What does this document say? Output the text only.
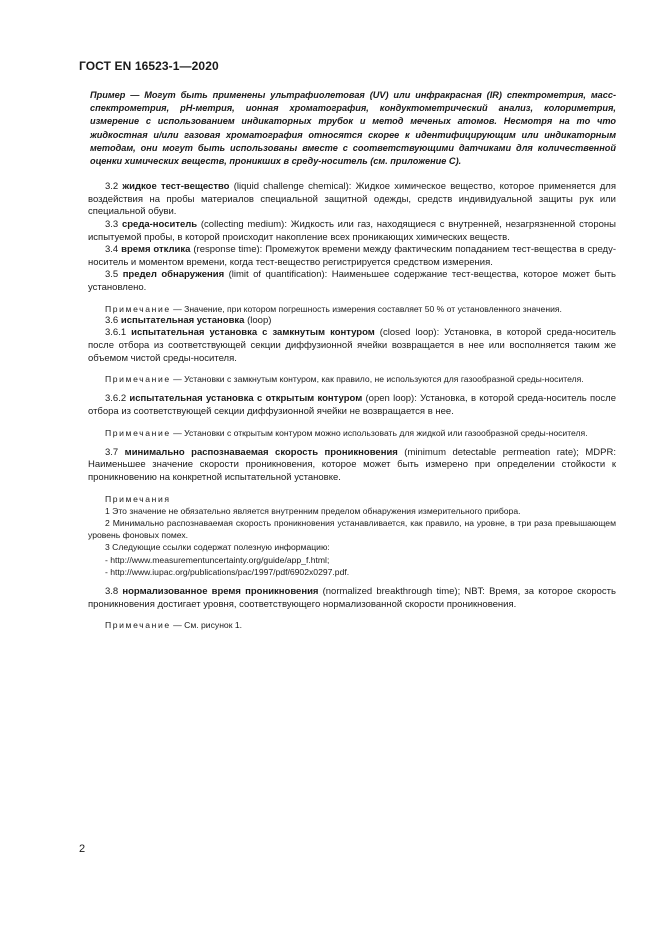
ГОСТ EN 16523-1—2020

Пример — Могут быть применены ультрафиолетовая (UV) или инфракрасная (IR) спектрометрия, масс-спектрометрия, pH-метрия, ионная хроматография, кондуктометрический анализ, колориметрия, измерение с использованием индикаторных трубок и метод меченых атомов. Несмотря на то что жидкостная и/или газовая хроматография относятся скорее к идентифицирующим или индикаторным методам, они могут быть использованы вместе с соответствующими датчиками для количественной оценки химических веществ, проникших в среду-носитель (см. приложение C).

3.2 жидкое тест-вещество (liquid challenge chemical): Жидкое химическое вещество, которое применяется для воздействия на пробы материалов специальной защитной одежды, средств индивидуальной защиты рук или специальной обуви.

3.3 среда-носитель (collecting medium): Жидкость или газ, находящиеся с внутренней, незагрязненной стороны испытуемой пробы, в которой происходит накопление всех проникающих химических веществ.

3.4 время отклика (response time): Промежуток времени между фактическим попаданием тест-вещества в среду-носитель и моментом времени, когда тест-вещество регистрируется средством измерения.

3.5 предел обнаружения (limit of quantification): Наименьшее содержание тест-вещества, которое может быть установлено.

Примечание — Значение, при котором погрешность измерения составляет 50 % от установленного значения.

3.6 испытательная установка (loop)

3.6.1 испытательная установка с замкнутым контуром (closed loop): Установка, в которой среда-носитель после отбора из соответствующей секции диффузионной ячейки возвращается в нее или восполняется таким же объемом чистой среды-носителя.

Примечание — Установки с замкнутым контуром, как правило, не используются для газообразной среды-носителя.

3.6.2 испытательная установка с открытым контуром (open loop): Установка, в которой среда-носитель после отбора из соответствующей секции диффузионной ячейки не возвращается в нее.

Примечание — Установки с открытым контуром можно использовать для жидкой или газообразной среды-носителя.

3.7 минимально распознаваемая скорость проникновения (minimum detectable permeation rate); MDPR: Наименьшее значение скорости проникновения, которое может быть измерено при определении стойкости к проникновению на конкретной испытательной установке.

Примечания

1 Это значение не обязательно является внутренним пределом обнаружения измерительного прибора.

2 Минимально распознаваемая скорость проникновения устанавливается, как правило, на уровне, в три раза превышающем уровень фоновых помех.

3 Следующие ссылки содержат полезную информацию:

- http://www.measurementuncertainty.org/guide/app_f.html;

- http://www.iupac.org/publications/pac/1997/pdf/6902x0297.pdf.

3.8 нормализованное время проникновения (normalized breakthrough time); NBT: Время, за которое скорость проникновения достигает уровня, соответствующего нормализованной скорости проникновения.

Примечание — См. рисунок 1.

2
